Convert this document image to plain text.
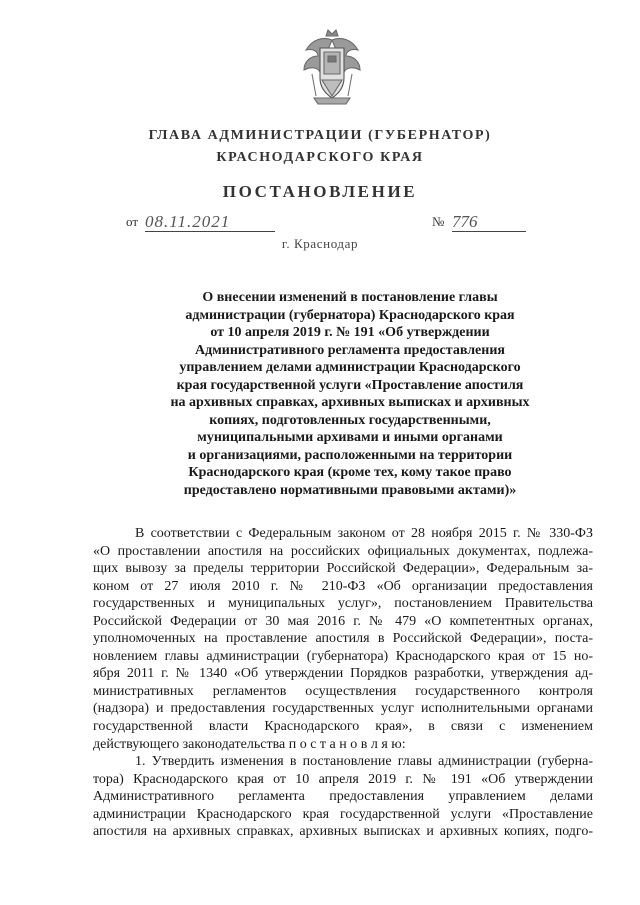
ГЛАВА АДМИНИСТРАЦИИ (ГУБЕРНАТОР)
КРАСНОДАРСКОГО КРАЯ
ПОСТАНОВЛЕНИЕ
от 08.11.2021	№ 776
г. Краснодар
О внесении изменений в постановление главы
администрации (губернатора) Краснодарского края
от 10 апреля 2019 г. № 191 «Об утверждении
Административного регламента предоставления
управлением делами администрации Краснодарского
края государственной услуги «Проставление апостиля
на архивных справках, архивных выписках и архивных
копиях, подготовленных государственными,
муниципальными архивами и иными органами
и организациями, расположенными на территории
Краснодарского края (кроме тех, кому такое право
предоставлено нормативными правовыми актами)»
В соответствии с Федеральным законом от 28 ноября 2015 г. № 330-ФЗ
«О проставлении апостиля на российских официальных документах, подлежа-
щих вывозу за пределы территории Российской Федерации», Федеральным за-
коном от 27 июля 2010 г. № 210-ФЗ «Об организации предоставления
государственных и муниципальных услуг», постановлением Правительства
Российской Федерации от 30 мая 2016 г. № 479 «О компетентных органах,
уполномоченных на проставление апостиля в Российской Федерации», поста-
новлением главы администрации (губернатора) Краснодарского края от 15 но-
ября 2011 г. № 1340 «Об утверждении Порядков разработки, утверждения ад-
министративных регламентов осуществления государственного контроля
(надзора) и предоставления государственных услуг исполнительными органами
государственной власти Краснодарского края», в связи с изменением
действующего законодательства п о с т а н о в л я ю:
1. Утвердить изменения в постановление главы администрации (губерна-
тора) Краснодарского края от 10 апреля 2019 г. № 191 «Об утверждении
Административного регламента предоставления управлением делами
администрации Краснодарского края государственной услуги «Проставление
апостиля на архивных справках, архивных выписках и архивных копиях, подго-
